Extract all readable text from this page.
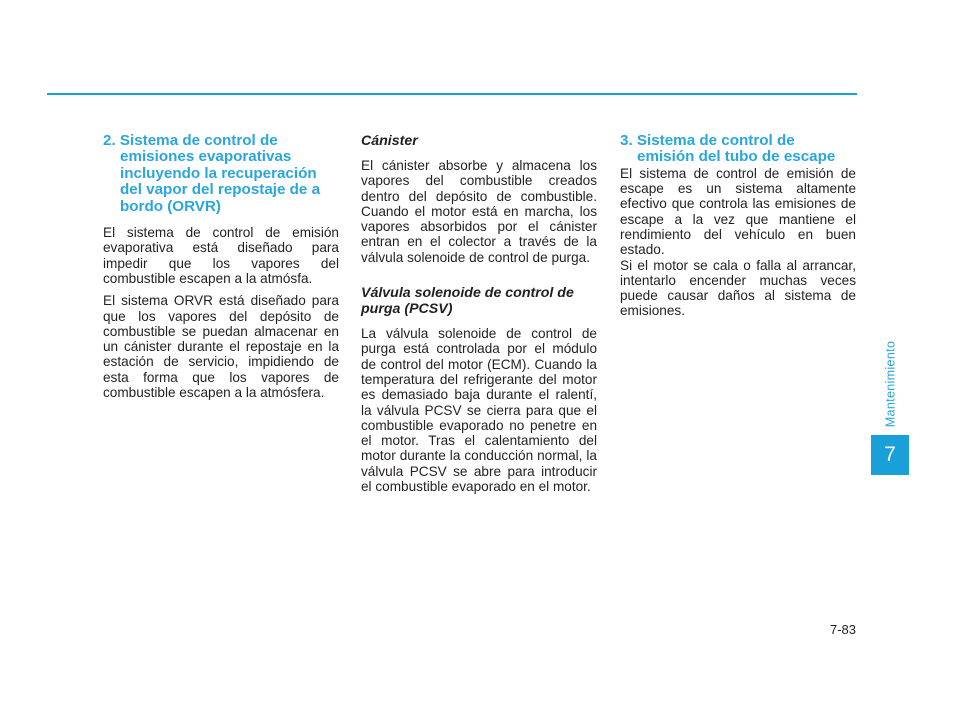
2. Sistema de control de emisiones evaporativas incluyendo la recuperación del vapor del repostaje de a bordo (ORVR)

El sistema de control de emisión evaporativa está diseñado para impedir que los vapores del combustible escapen a la atmósfa.

El sistema ORVR está diseñado para que los vapores del depósito de combustible se puedan almacenar en un cánister durante el repostaje en la estación de servicio, impidiendo de esta forma que los vapores de combustible escapen a la atmósfera.

Cánister

El cánister absorbe y almacena los vapores del combustible creados dentro del depósito de combustible. Cuando el motor está en marcha, los vapores absorbidos por el cánister entran en el colector a través de la válvula solenoide de control de purga.

Válvula solenoide de control de purga (PCSV)

La válvula solenoide de control de purga está controlada por el módulo de control del motor (ECM). Cuando la temperatura del refrigerante del motor es demasiado baja durante el ralentí, la válvula PCSV se cierra para que el combustible evaporado no penetre en el motor. Tras el calentamiento del motor durante la conducción normal, la válvula PCSV se abre para introducir el combustible evaporado en el motor.

3. Sistema de control de emisión del tubo de escape

El sistema de control de emisión de escape es un sistema altamente efectivo que controla las emisiones de escape a la vez que mantiene el rendimiento del vehículo en buen estado.

Si el motor se cala o falla al arrancar, intentarlo encender muchas veces puede causar daños al sistema de emisiones.

Mantenimiento
7
7-83
